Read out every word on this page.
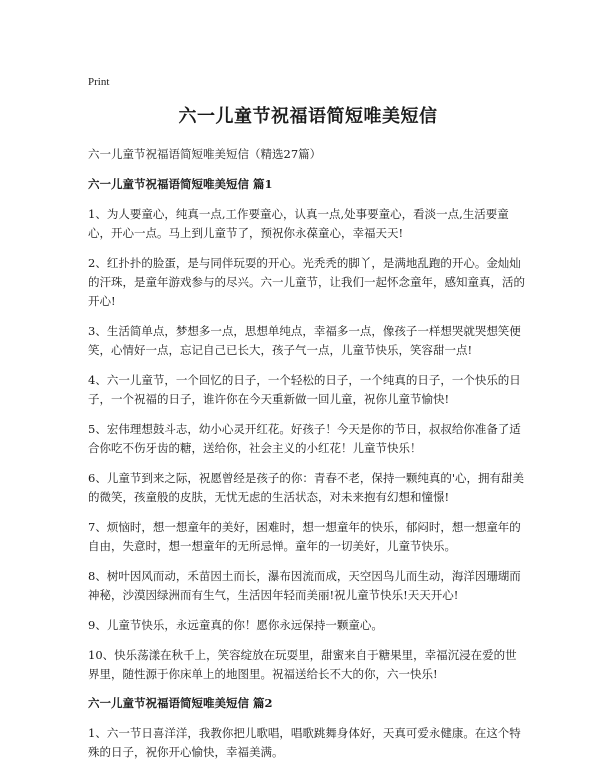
Print
六一儿童节祝福语简短唯美短信
六一儿童节祝福语简短唯美短信（精选27篇）
六一儿童节祝福语简短唯美短信 篇1

1、为人要童心，纯真一点,工作要童心，认真一点,处事要童心，看淡一点,生活要童心，开心一点。马上到儿童节了，预祝你永葆童心，幸福天天!

2、红扑扑的脸蛋，是与同伴玩耍的开心。光秃秃的脚丫，是满地乱跑的开心。金灿灿的汗珠，是童年游戏参与的尽兴。六一儿童节，让我们一起怀念童年，感知童真，活的开心!

3、生活简单点，梦想多一点，思想单纯点，幸福多一点，像孩子一样想哭就哭想笑便笑，心情好一点，忘记自己已长大，孩子气一点，儿童节快乐，笑容甜一点!

4、六一儿童节，一个回忆的日子，一个轻松的日子，一个纯真的日子，一个快乐的日子，一个祝福的日子，谁许你在今天重新做一回儿童，祝你儿童节愉快!

5、宏伟理想鼓斗志，幼小心灵开红花。好孩子！今天是你的节日，叔叔给你准备了适合你吃不伤牙齿的糖，送给你，社会主义的小红花！儿童节快乐！

6、儿童节到来之际，祝愿曾经是孩子的你：青春不老，保持一颗纯真的'心，拥有甜美的微笑，孩童般的皮肤，无忧无虑的生活状态，对未来抱有幻想和憧憬!

7、烦恼时，想一想童年的美好，困难时，想一想童年的快乐，郁闷时，想一想童年的自由，失意时，想一想童年的无所忌惮。童年的一切美好，儿童节快乐。

8、树叶因风而动，禾苗因土而长，瀑布因流而成，天空因鸟儿而生动，海洋因珊瑚而神秘，沙漠因绿洲而有生气，生活因年轻而美丽!祝儿童节快乐!天天开心!

9、儿童节快乐，永远童真的你！愿你永远保持一颗童心。

10、快乐荡漾在秋千上，笑容绽放在玩耍里，甜蜜来自于糖果里，幸福沉浸在爱的世界里，随性源于你床单上的地图里。祝福送给长不大的你，六一快乐!

六一儿童节祝福语简短唯美短信 篇2

1、六一节日喜洋洋，我教你把儿歌唱，唱歌跳舞身体好，天真可爱永健康。在这个特殊的日子，祝你开心愉快，幸福美满。
